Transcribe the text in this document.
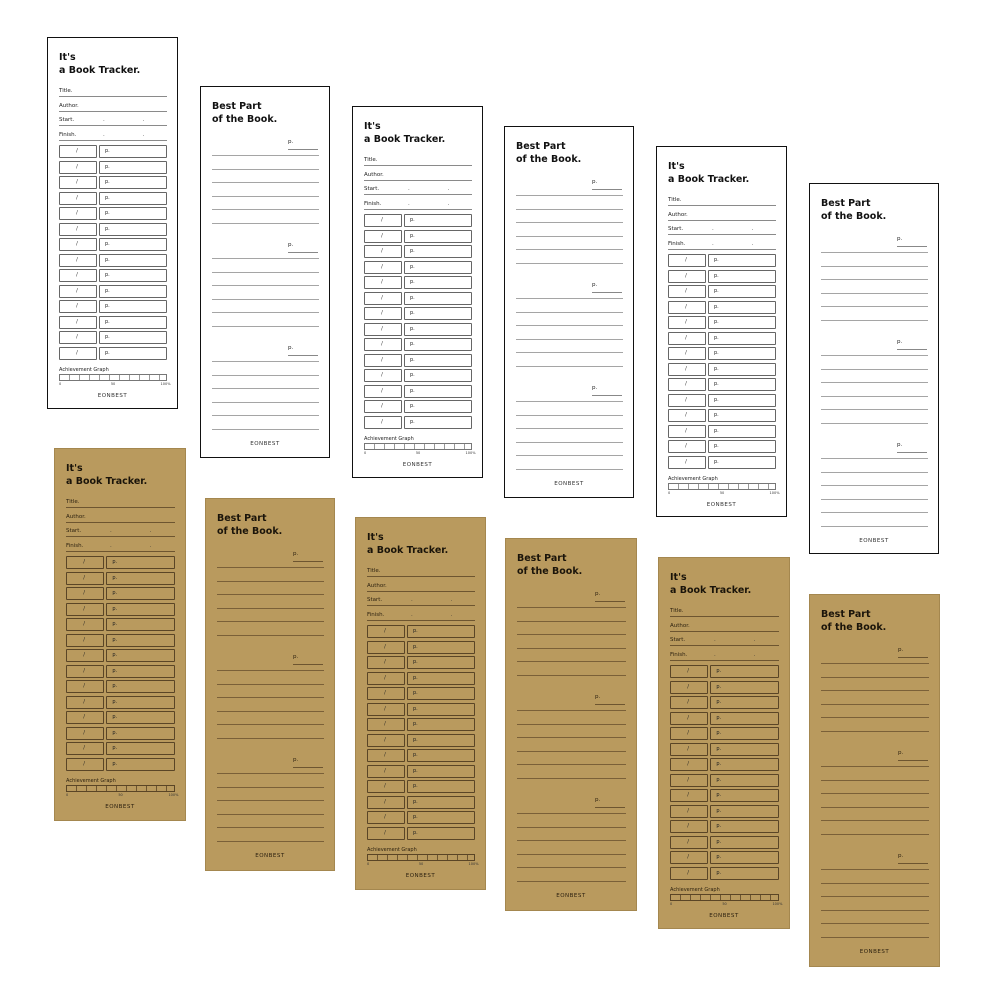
It's
a Book Tracker.
Title.
Author.
Start.	. .
Finish.	. .
/	p.
/	p.
/	p.
/	p.
/	p.
/	p.
/	p.
/	p.
/	p.
/	p.
/	p.
/	p.
/	p.
/	p.
Achievement Graph
0	50	100%
EONBEST
Best Part
of the Book.
p.
p.
p.
EONBEST
It's
a Book Tracker.
Title.
Author.
Start.	. .
Finish.	. .
/	p.
/	p.
/	p.
/	p.
/	p.
/	p.
/	p.
/	p.
/	p.
/	p.
/	p.
/	p.
/	p.
/	p.
Achievement Graph
0	50	100%
EONBEST
Best Part
of the Book.
p.
p.
p.
EONBEST
It's
a Book Tracker.
Title.
Author.
Start.	. .
Finish.	. .
/	p.
/	p.
/	p.
/	p.
/	p.
/	p.
/	p.
/	p.
/	p.
/	p.
/	p.
/	p.
/	p.
/	p.
Achievement Graph
0	50	100%
EONBEST
Best Part
of the Book.
p.
p.
p.
EONBEST
It's
a Book Tracker.
Title.
Author.
Start.	. .
Finish.	. .
/	p.
/	p.
/	p.
/	p.
/	p.
/	p.
/	p.
/	p.
/	p.
/	p.
/	p.
/	p.
/	p.
/	p.
Achievement Graph
0	50	100%
EONBEST
Best Part
of the Book.
p.
p.
p.
EONBEST
It's
a Book Tracker.
Title.
Author.
Start.	. .
Finish.	. .
/	p.
/	p.
/	p.
/	p.
/	p.
/	p.
/	p.
/	p.
/	p.
/	p.
/	p.
/	p.
/	p.
/	p.
Achievement Graph
0	50	100%
EONBEST
Best Part
of the Book.
p.
p.
p.
EONBEST
It's
a Book Tracker.
Title.
Author.
Start.	. .
Finish.	. .
/	p.
/	p.
/	p.
/	p.
/	p.
/	p.
/	p.
/	p.
/	p.
/	p.
/	p.
/	p.
/	p.
/	p.
Achievement Graph
0	50	100%
EONBEST
Best Part
of the Book.
p.
p.
p.
EONBEST
